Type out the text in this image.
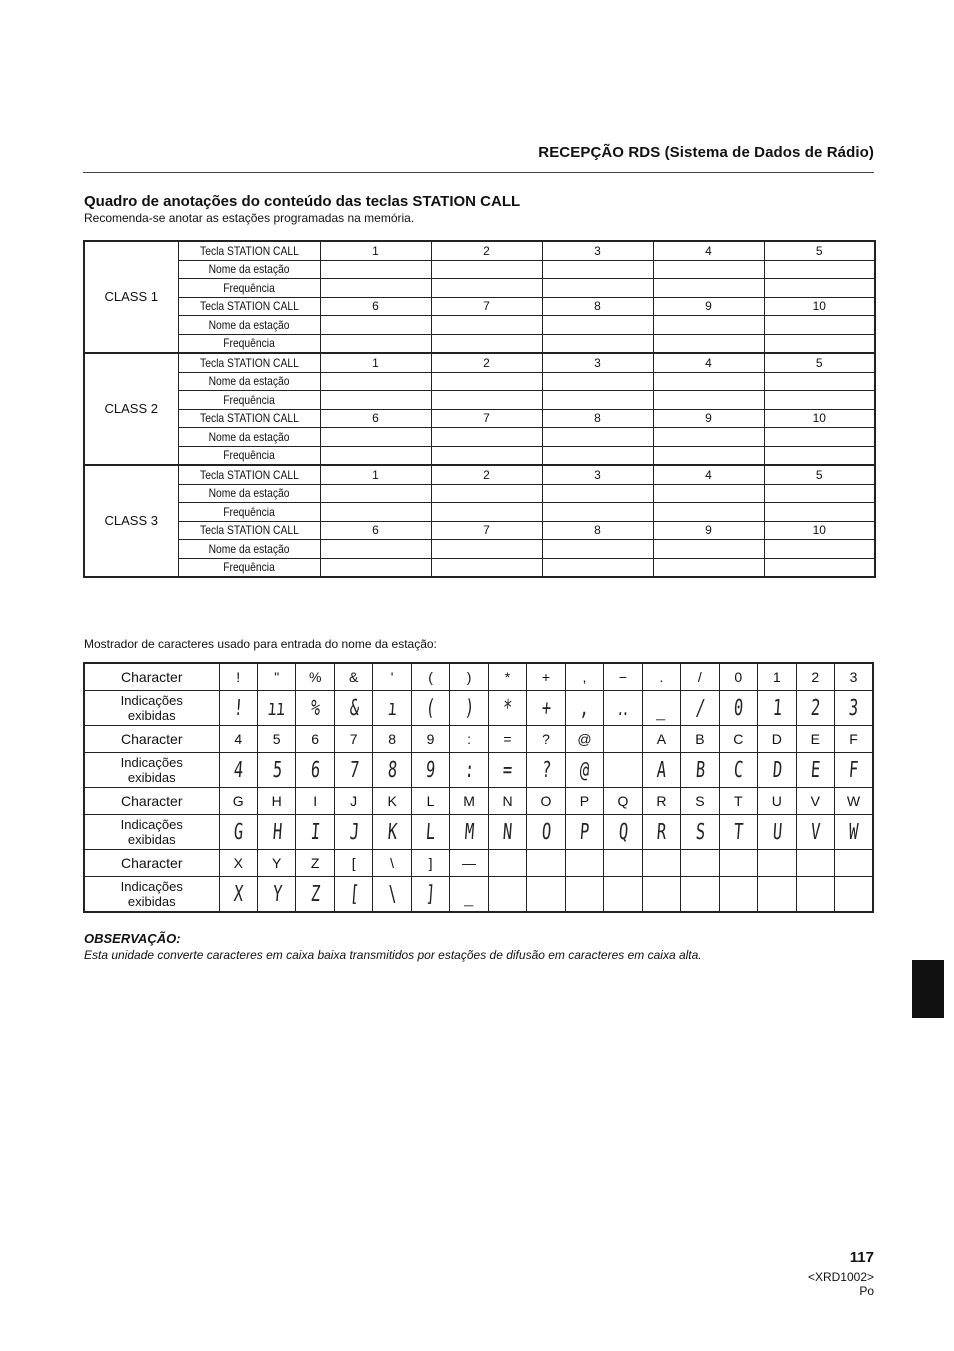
RECEPÇÃO RDS (Sistema de Dados de Rádio)
Quadro de anotações do conteúdo das teclas STATION CALL
Recomenda-se anotar as estações programadas na memória.
CLASS 1	Tecla STATION CALL	1	2	3	4	5
	Nome da estação					
	Frequência					
	Tecla STATION CALL	6	7	8	9	10
	Nome da estação					
	Frequência					
CLASS 2	Tecla STATION CALL	1	2	3	4	5
	Nome da estação					
	Frequência					
	Tecla STATION CALL	6	7	8	9	10
	Nome da estação					
	Frequência					
CLASS 3	Tecla STATION CALL	1	2	3	4	5
	Nome da estação					
	Frequência					
	Tecla STATION CALL	6	7	8	9	10
	Nome da estação					
	Frequência					
Mostrador de caracteres usado para entrada do nome da estação:
Character	!	"	%	&	'	(	)	*	+	,	−	.	/	0	1	2	3
Indicações
exibidas	!	ıı	%	&	ı	(	)	*	+	,	‥	_	/	0	1	2	3
Character	4	5	6	7	8	9	:	=	?	@		A	B	C	D	E	F
Indicações
exibidas	4	5	6	7	8	9	:	=	?	@		A	B	C	D	E	F
Character	G	H	I	J	K	L	M	N	O	P	Q	R	S	T	U	V	W
Indicações
exibidas	G	H	I	J	K	L	M	N	O	P	Q	R	S	T	U	V	W
Character	X	Y	Z	[	\	]	—										
Indicações
exibidas	X	Y	Z	[	\	]	_										
OBSERVAÇÃO:
Esta unidade converte caracteres em caixa baixa transmitidos por estações de difusão em caracteres em caixa alta.
117
<XRD1002>
Po
